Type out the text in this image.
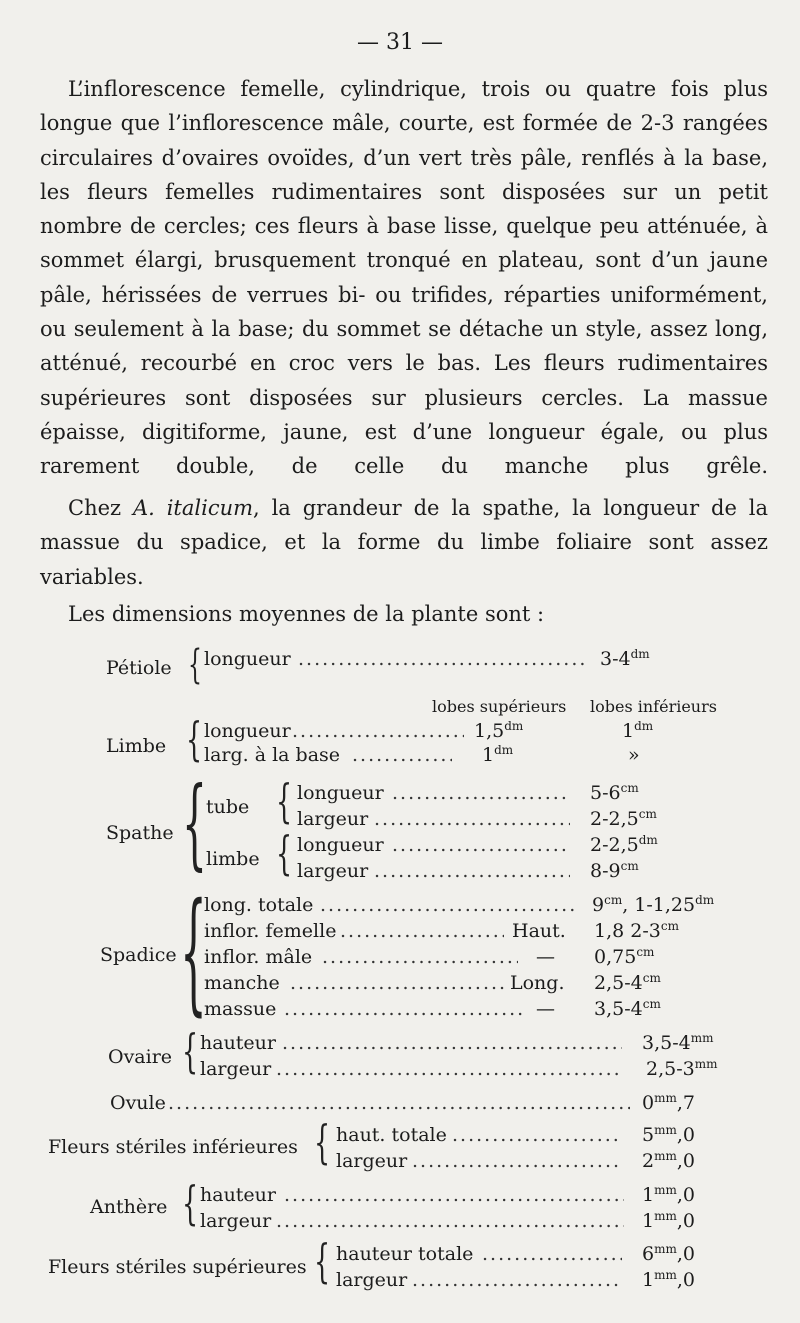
— 31 —

L’inflorescence femelle, cylindrique, trois ou quatre fois plus longue que l’inflorescence mâle, courte, est formée de 2-3 rangées circulaires d’ovaires ovoïdes, d’un vert très pâle, renflés à la base, les fleurs femelles rudimentaires sont disposées sur un petit nombre de cercles; ces fleurs à base lisse, quelque peu atténuée, à sommet élargi, brusquement tronqué en plateau, sont d’un jaune pâle, hérissées de verrues bi- ou trifides, réparties uniformément, ou seulement à la base; du sommet se détache un style, assez long, atténué, recourbé en croc vers le bas. Les fleurs rudimentaires supérieures sont disposées sur plusieurs cercles. La massue épaisse, digitiforme, jaune, est d’une longueur égale, ou plus rarement double, de celle du manche plus grêle.

Chez A. italicum, la grandeur de la spathe, la longueur de la massue du spadice, et la forme du limbe foliaire sont assez

variables.
Les dimensions moyennes de la plante sont :
Pétiole { longueur .....	$3-4^{dm}$
lobes supérieurs lobes inférieurs
Limbe { longueur .....	$1,5^{dm}$	$1^{dm}$
larg. à la base .....	$1^{dm}$	»
Spathe { tube { longueur .....	$5-6^{cm}$
largeur .....	$2-2,5^{cm}$
limbe { longueur .....	$2-2,5^{dm}$
largeur .....	$8-9^{cm}$
Spadice {
long. totale .....	$9^{cm}$, $1-1,25^{dm}$
inflor. femelle .....	Haut. 1,8 $2-3^{cm}$
inflor. mâle .....	— $0,75^{cm}$
manche .....	Long. $2,5-4^{cm}$
massue .....	— $3,5-4^{cm}$
Ovaire { hauteur .....	$3,5-4^{mm}$
largeur .....	$2,5-3^{mm}$
Ovule .....	$0^{mm},7$
Fleurs stériles inférieures { haut. totale .....	$5^{mm},0$
largeur .....	$2^{mm},0$
Anthère { hauteur .....	$1^{mm},0$
largeur .....	$1^{mm},0$
Fleurs stériles supérieures { hauteur totale .....	$6^{mm},0$
largeur .....	$1^{mm},0$
